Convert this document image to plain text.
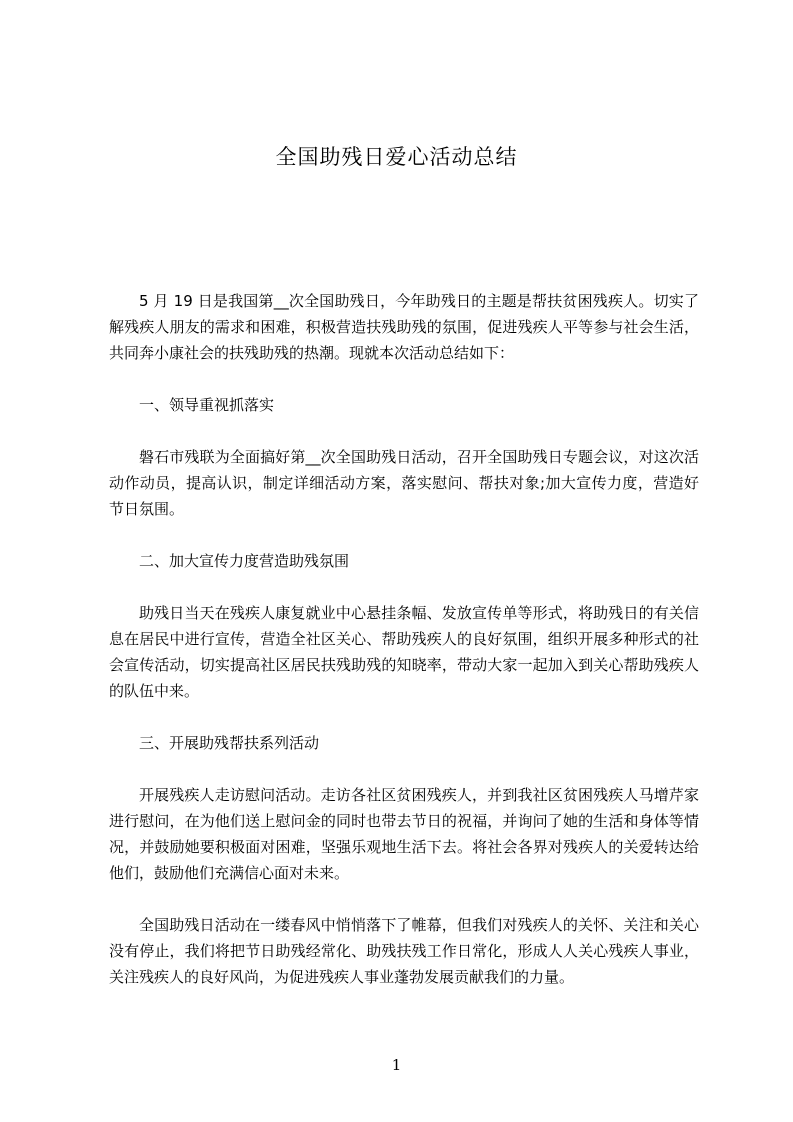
全国助残日爱心活动总结

5 月 19 日是我国第__次全国助残日，今年助残日的主题是帮扶贫困残疾人。切实了解残疾人朋友的需求和困难，积极营造扶残助残的氛围，促进残疾人平等参与社会生活，共同奔小康社会的扶残助残的热潮。现就本次活动总结如下：

一、领导重视抓落实

磐石市残联为全面搞好第__次全国助残日活动，召开全国助残日专题会议，对这次活动作动员，提高认识，制定详细活动方案，落实慰问、帮扶对象;加大宣传力度，营造好节日氛围。

二、加大宣传力度营造助残氛围

助残日当天在残疾人康复就业中心悬挂条幅、发放宣传单等形式，将助残日的有关信息在居民中进行宣传，营造全社区关心、帮助残疾人的良好氛围，组织开展多种形式的社会宣传活动，切实提高社区居民扶残助残的知晓率，带动大家一起加入到关心帮助残疾人的队伍中来。

三、开展助残帮扶系列活动

开展残疾人走访慰问活动。走访各社区贫困残疾人，并到我社区贫困残疾人马增芹家进行慰问，在为他们送上慰问金的同时也带去节日的祝福，并询问了她的生活和身体等情况，并鼓励她要积极面对困难，坚强乐观地生活下去。将社会各界对残疾人的关爱转达给他们，鼓励他们充满信心面对未来。

全国助残日活动在一缕春风中悄悄落下了帷幕，但我们对残疾人的关怀、关注和关心没有停止，我们将把节日助残经常化、助残扶残工作日常化，形成人人关心残疾人事业，关注残疾人的良好风尚，为促进残疾人事业蓬勃发展贡献我们的力量。

1
